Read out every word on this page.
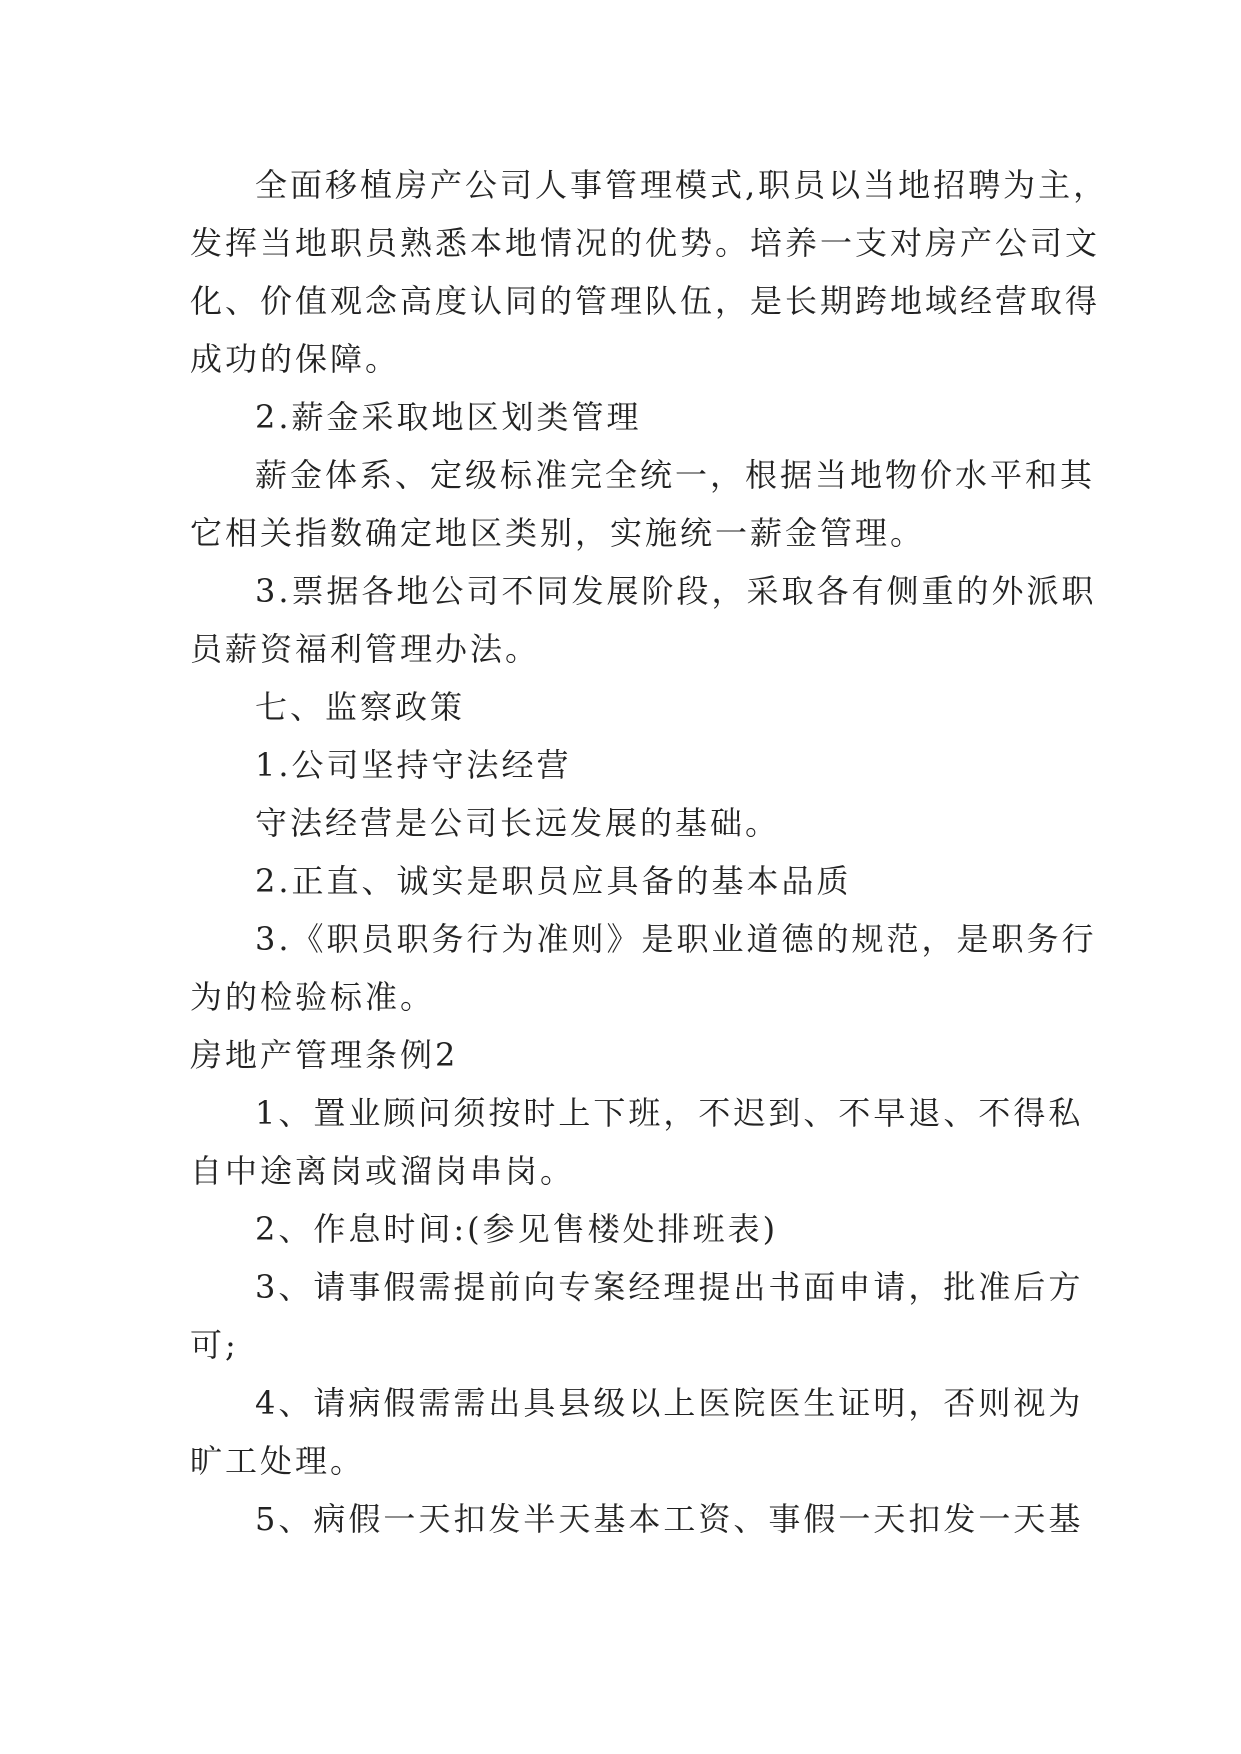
全面移植房产公司人事管理模式,职员以当地招聘为主，

发挥当地职员熟悉本地情况的优势。培养一支对房产公司文

化、价值观念高度认同的管理队伍，是长期跨地域经营取得

成功的保障。

2.薪金采取地区划类管理

薪金体系、定级标准完全统一，根据当地物价水平和其

它相关指数确定地区类别，实施统一薪金管理。

3.票据各地公司不同发展阶段，采取各有侧重的外派职

员薪资福利管理办法。

七、监察政策

1.公司坚持守法经营

守法经营是公司长远发展的基础。

2.正直、诚实是职员应具备的基本品质

3.《职员职务行为准则》是职业道德的规范，是职务行

为的检验标准。

房地产管理条例2

1、置业顾问须按时上下班，不迟到、不早退、不得私

自中途离岗或溜岗串岗。

2、作息时间:(参见售楼处排班表)

3、请事假需提前向专案经理提出书面申请，批准后方

可;

4、请病假需需出具县级以上医院医生证明，否则视为

旷工处理。

5、病假一天扣发半天基本工资、事假一天扣发一天基
